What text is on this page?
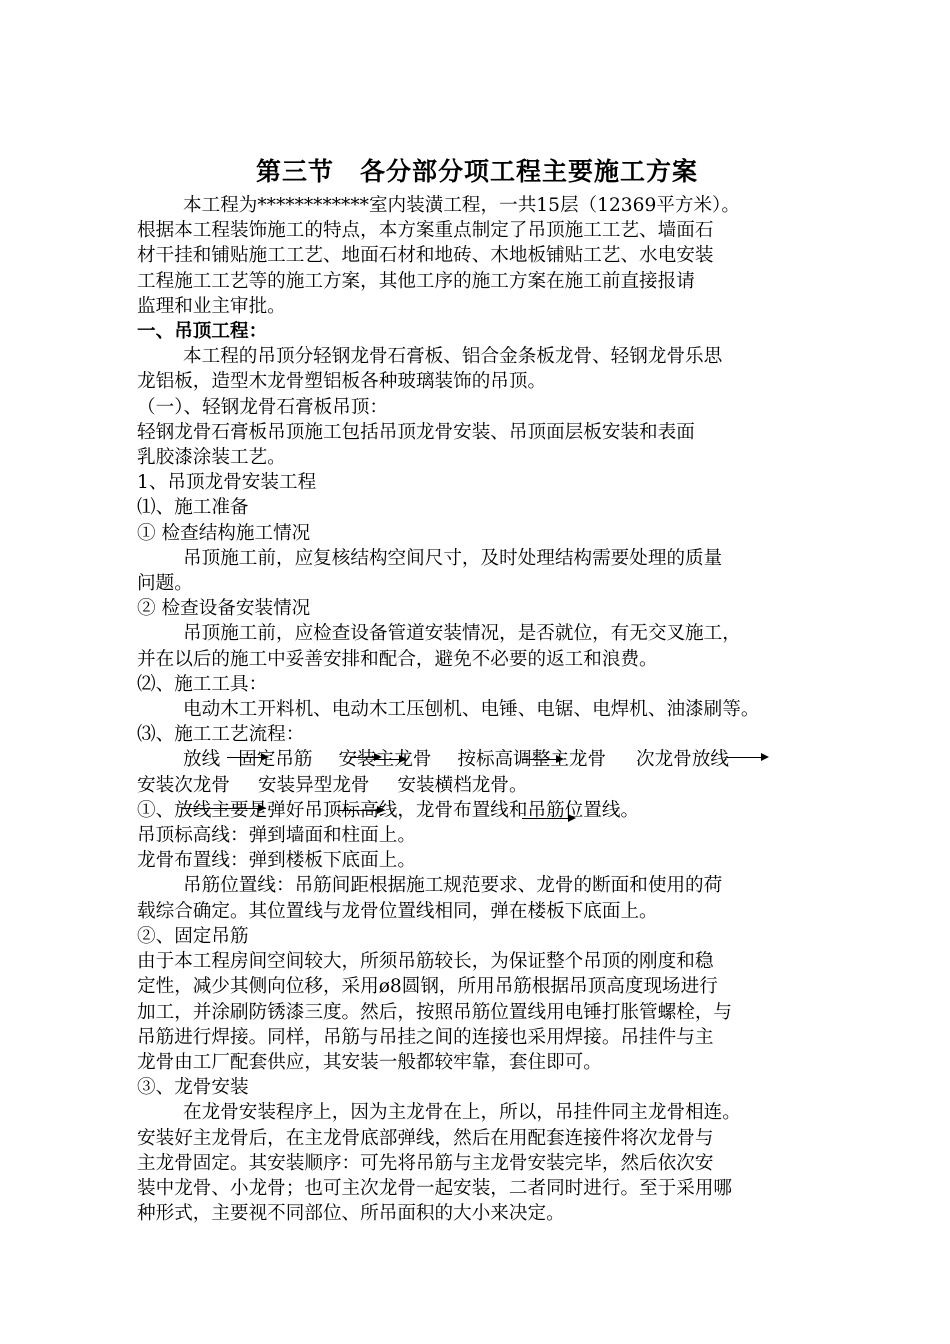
第三节　各分部分项工程主要施工方案

本工程为************室内装潢工程，一共15层（12369平方米）。

根据本工程装饰施工的特点，本方案重点制定了吊顶施工工艺、墙面石

材干挂和铺贴施工工艺、地面石材和地砖、木地板铺贴工艺、水电安装

工程施工工艺等的施工方案，其他工序的施工方案在施工前直接报请

监理和业主审批。

一、吊顶工程：

本工程的吊顶分轻钢龙骨石膏板、铝合金条板龙骨、轻钢龙骨乐思

龙铝板，造型木龙骨塑铝板各种玻璃装饰的吊顶。

（一）、轻钢龙骨石膏板吊顶：

轻钢龙骨石膏板吊顶施工包括吊顶龙骨安装、吊顶面层板安装和表面

乳胶漆涂装工艺。

1、吊顶龙骨安装工程

⑴、施工准备

① 检查结构施工情况

吊顶施工前，应复核结构空间尺寸，及时处理结构需要处理的质量

问题。

② 检查设备安装情况

吊顶施工前，应检查设备管道安装情况，是否就位，有无交叉施工，

并在以后的施工中妥善安排和配合，避免不必要的返工和浪费。

⑵、施工工具：

电动木工开料机、电动木工压刨机、电锤、电锯、电焊机、油漆刷等。

⑶、施工工艺流程：

放线 固定吊筋 安装主龙骨 按标高调整主龙骨 次龙骨放线
安装次龙骨 安装异型龙骨 安装横档龙骨。
①、放线主要是弹好吊顶标高线，龙骨布置线和吊筋位置线。

吊顶标高线：弹到墙面和柱面上。

龙骨布置线：弹到楼板下底面上。

吊筋位置线：吊筋间距根据施工规范要求、龙骨的断面和使用的荷

载综合确定。其位置线与龙骨位置线相同，弹在楼板下底面上。

②、固定吊筋

由于本工程房间空间较大，所须吊筋较长，为保证整个吊顶的刚度和稳

定性，减少其侧向位移，采用ø8圆钢，所用吊筋根据吊顶高度现场进行

加工，并涂刷防锈漆三度。然后，按照吊筋位置线用电锤打胀管螺栓，与

吊筋进行焊接。同样，吊筋与吊挂之间的连接也采用焊接。吊挂件与主

龙骨由工厂配套供应，其安装一般都较牢靠，套住即可。

③、龙骨安装

在龙骨安装程序上，因为主龙骨在上，所以，吊挂件同主龙骨相连。

安装好主龙骨后，在主龙骨底部弹线，然后在用配套连接件将次龙骨与

主龙骨固定。其安装顺序：可先将吊筋与主龙骨安装完毕，然后依次安

装中龙骨、小龙骨；也可主次龙骨一起安装，二者同时进行。至于采用哪

种形式，主要视不同部位、所吊面积的大小来决定。
